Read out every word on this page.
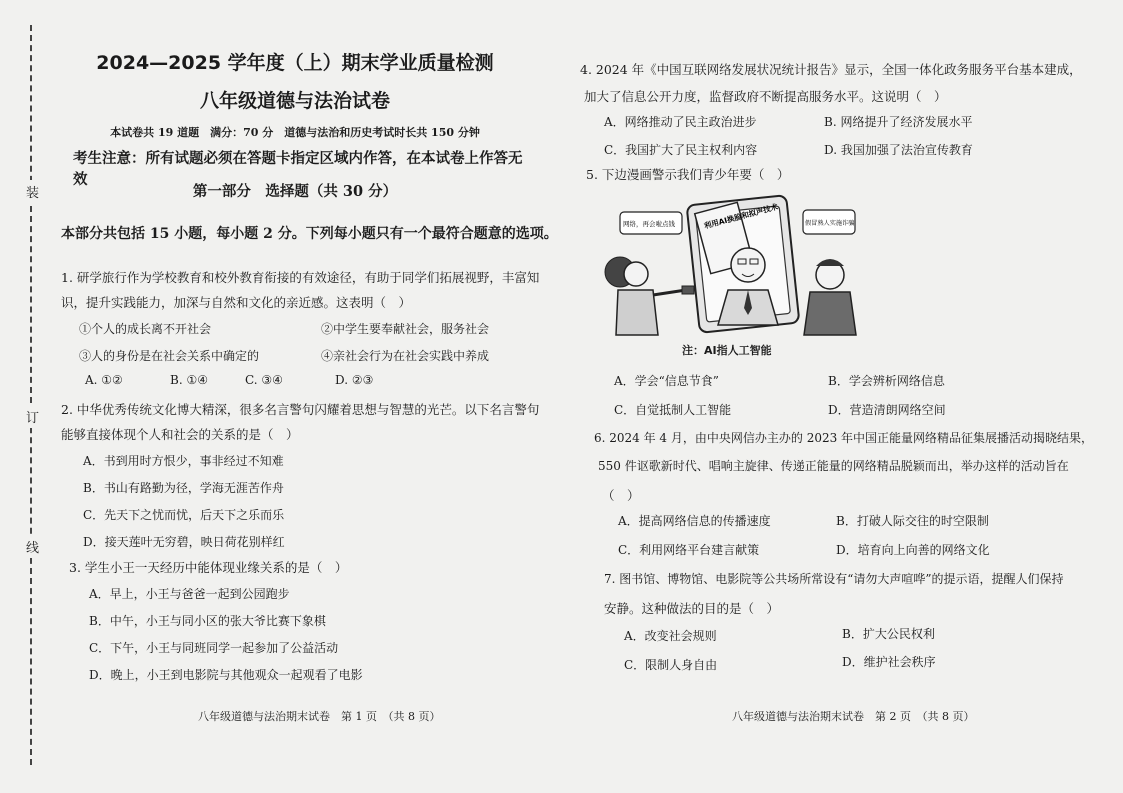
装
订
线
2024—2025 学年度（上）期末学业质量检测
八年级道德与法治试卷
本试卷共 19 道题　满分：70 分　道德与法治和历史考试时长共 150 分钟
考生注意：所有试题必须在答题卡指定区域内作答，在本试卷上作答无效
第一部分　选择题（共 30 分）
本部分共包括 15 小题，每小题 2 分。下列每小题只有一个最符合题意的选项。
1. 研学旅行作为学校教育和校外教育衔接的有效途径，有助于同学们拓展视野，丰富知
识，提升实践能力，加深与自然和文化的亲近感。这表明（　）
①个人的成长离不开社会	②中学生要奉献社会，服务社会
③人的身份是在社会关系中确定的	④亲社会行为在社会实践中养成
A. ①②	B. ①④	C. ③④	D. ②③
2. 中华优秀传统文化博大精深，很多名言警句闪耀着思想与智慧的光芒。以下名言警句
能够直接体现个人和社会的关系的是（　）
A．书到用时方恨少，事非经过不知难
B．书山有路勤为径，学海无涯苦作舟
C．先天下之忧而忧，后天下之乐而乐
D．接天莲叶无穷碧，映日荷花别样红
3. 学生小王一天经历中能体现业缘关系的是（　）
A．早上，小王与爸爸一起到公园跑步
B．中午，小王与同小区的张大爷比赛下象棋
C．下午，小王与同班同学一起参加了公益活动
D．晚上，小王到电影院与其他观众一起观看了电影
八年级道德与法治期末试卷　第 1 页　（共 8 页）
4. 2024 年《中国互联网络发展状况统计报告》显示，全国一体化政务服务平台基本建成，
加大了信息公开力度，监督政府不断提高服务水平。这说明（　）
A．网络推动了民主政治进步	B. 网络提升了经济发展水平
C．我国扩大了民主权利内容	D. 我国加强了法治宣传教育
5. 下边漫画警示我们青少年要（　）
利用AI换脸和拟声技术
网络，再会啦点钱	假冒熟人实施诈骗
注：AI指人工智能
A．学会“信息节食”	B．学会辨析网络信息
C．自觉抵制人工智能	D．营造清朗网络空间
6. 2024 年 4 月，由中央网信办主办的 2023 年中国正能量网络精品征集展播活动揭晓结果，
550 件讴歌新时代、唱响主旋律、传递正能量的网络精品脱颖而出，举办这样的活动旨在
（　）
A．提高网络信息的传播速度	B．打破人际交往的时空限制
C．利用网络平台建言献策	D．培育向上向善的网络文化
7. 图书馆、博物馆、电影院等公共场所常设有“请勿大声喧哗”的提示语，提醒人们保持
安静。这种做法的目的是（　）
A．改变社会规则	B．扩大公民权利
C．限制人身自由	D．维护社会秩序
八年级道德与法治期末试卷　第 2 页　（共 8 页）
